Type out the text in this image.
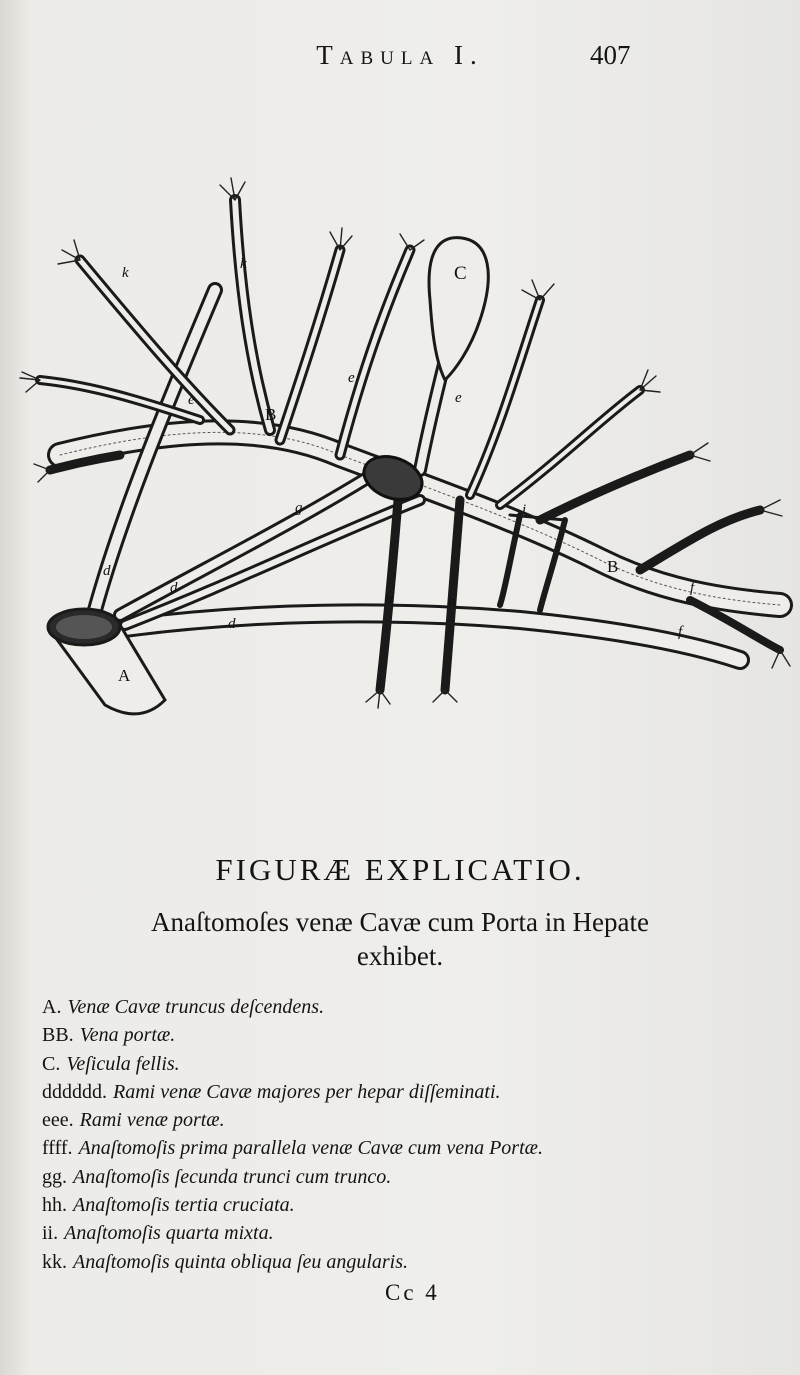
Tabula I.	407
A
B
B
C
d
d
d
e
e
e
f
f
g
h	h
i
k
k
FIGURÆ EXPLICATIO.
Anaſtomoſes venæ Cavæ cum Porta in Hepate
exhibet.
A. Venæ Cavæ truncus deſcendens.
BB. Vena portæ.
C. Veſicula fellis.
dddddd. Rami venæ Cavæ majores per hepar diſſeminati.
eee. Rami venæ portæ.
ffff. Anaſtomoſis prima parallela venæ Cavæ cum vena Portæ.
gg. Anaſtomoſis ſecunda trunci cum trunco.
hh. Anaſtomoſis tertia cruciata.
ii. Anaſtomoſis quarta mixta.
kk. Anaſtomoſis quinta obliqua ſeu angularis.
Cc 4
